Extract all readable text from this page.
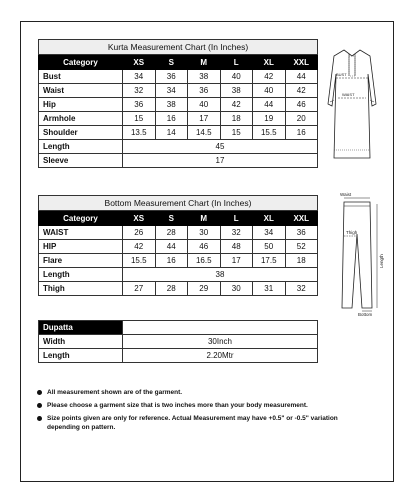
Kurta Measurement Chart (In Inches)						
Category	XS	S	M	L	XL	XXL
Bust	34	36	38	40	42	44
Waist	32	34	36	38	40	42
Hip	36	38	40	42	44	46
Armhole	15	16	17	18	19	20
Shoulder	13.5	14	14.5	15	15.5	16
Length	45					
Sleeve	17					
BUST
WAIST
Bottom Measurement Chart (In Inches)						
Category	XS	S	M	L	XL	XXL
WAIST	26	28	30	32	34	36
HIP	42	44	46	48	50	52
Flare	15.5	16	16.5	17	17.5	18
Length	38					
Thigh	27	28	29	30	31	32
Waist
Thigh
Length
Bottom
Dupatta	
Width	30Inch
Length	2.20Mtr
All measurement shown are of the garment.
Please choose a garment size that is two inches more than your body measurement.
Size points given are only for reference. Actual Measurement may have +0.5" or -0.5" variation depending on pattern.
